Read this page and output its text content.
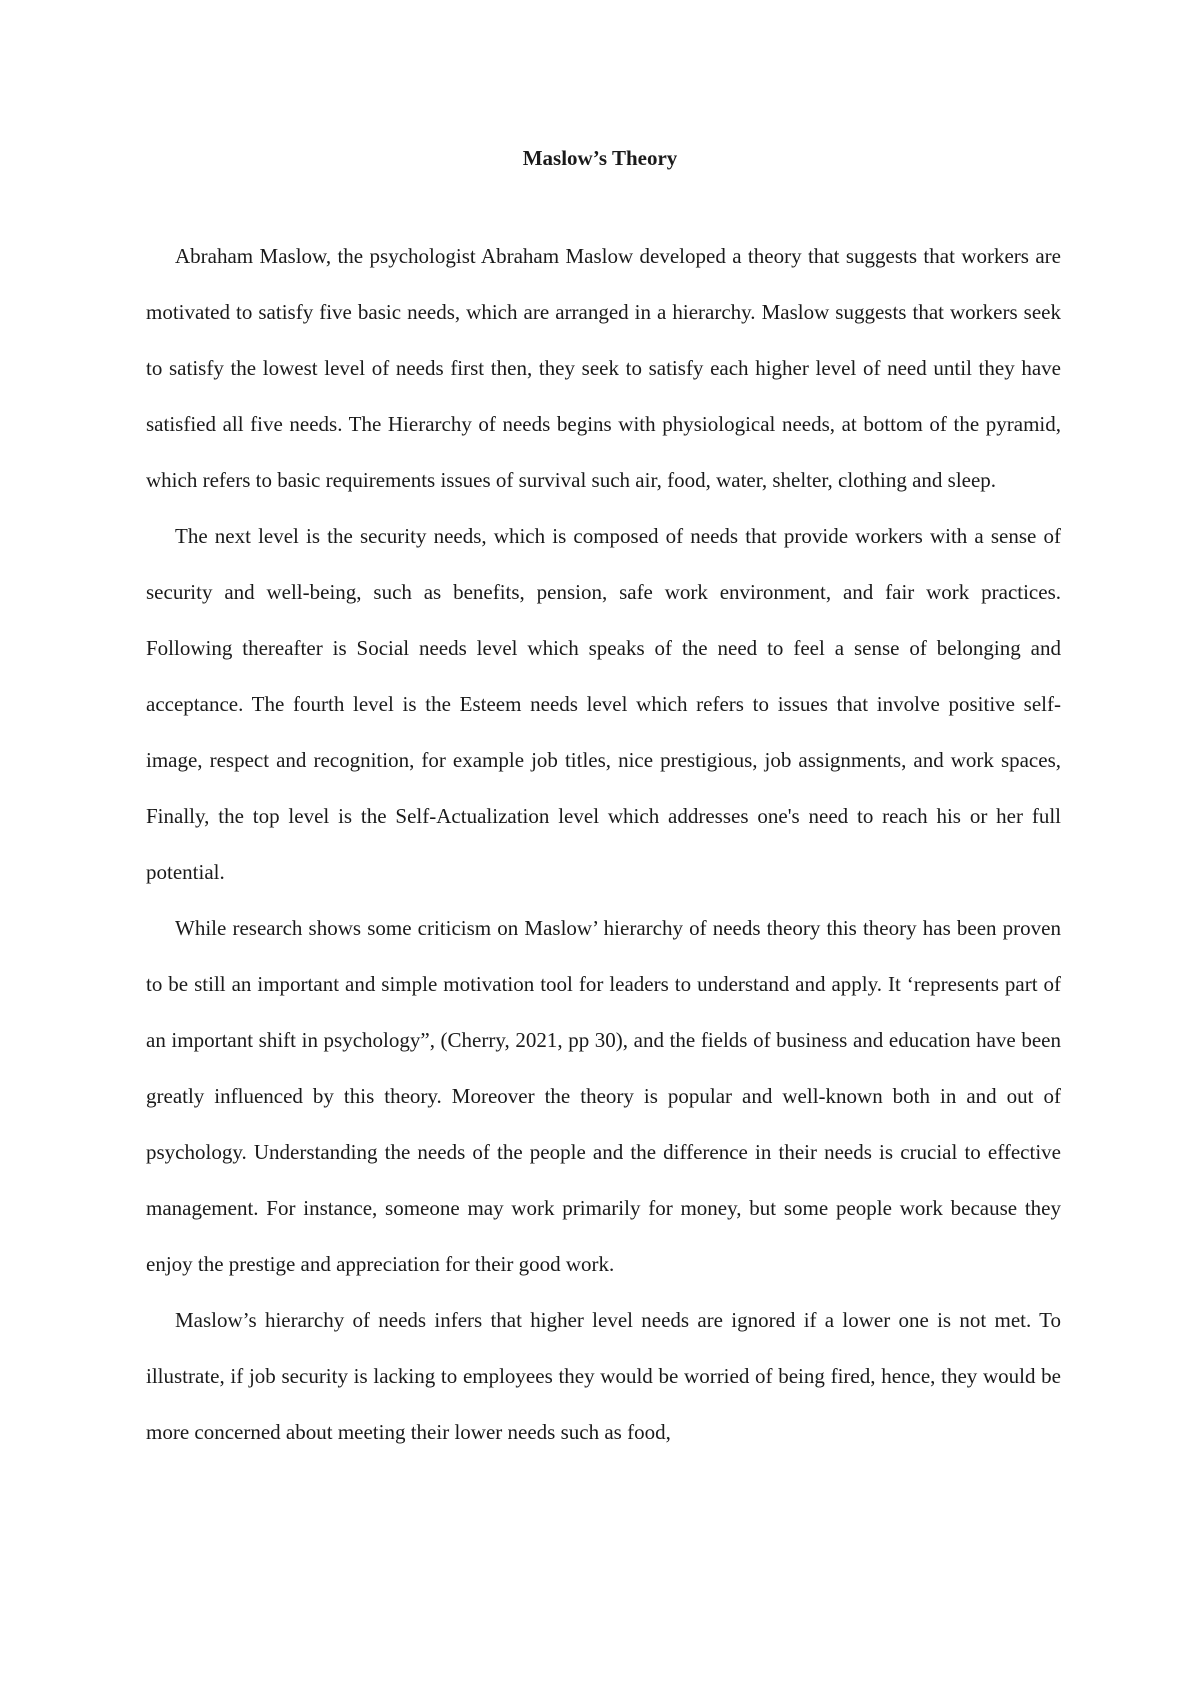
Maslow’s Theory

Abraham Maslow, the psychologist Abraham Maslow developed a theory that suggests that workers are motivated to satisfy five basic needs, which are arranged in a hierarchy. Maslow suggests that workers seek to satisfy the lowest level of needs first then, they seek to satisfy each higher level of need until they have satisfied all five needs. The Hierarchy of needs begins with physiological needs, at bottom of the pyramid, which refers to basic requirements issues of survival such air, food, water, shelter, clothing and sleep.

The next level is the security needs, which is composed of needs that provide workers with a sense of security and well-being, such as benefits, pension, safe work environment, and fair work practices. Following thereafter is Social needs level which speaks of the need to feel a sense of belonging and acceptance. The fourth level is the Esteem needs level which refers to issues that involve positive self-image, respect and recognition, for example job titles, nice prestigious, job assignments, and work spaces, Finally, the top level is the Self-Actualization level which addresses one's need to reach his or her full potential.

While research shows some criticism on Maslow’ hierarchy of needs theory this theory has been proven to be still an important and simple motivation tool for leaders to understand and apply. It ‘represents part of an important shift in psychology”, (Cherry, 2021, pp 30), and the fields of business and education have been greatly influenced by this theory. Moreover the theory is popular and well-known both in and out of psychology. Understanding the needs of the people and the difference in their needs is crucial to effective management. For instance, someone may work primarily for money, but some people work because they enjoy the prestige and appreciation for their good work.

Maslow’s hierarchy of needs infers that higher level needs are ignored if a lower one is not met. To illustrate, if job security is lacking to employees they would be worried of being fired, hence, they would be more concerned about meeting their lower needs such as food,
